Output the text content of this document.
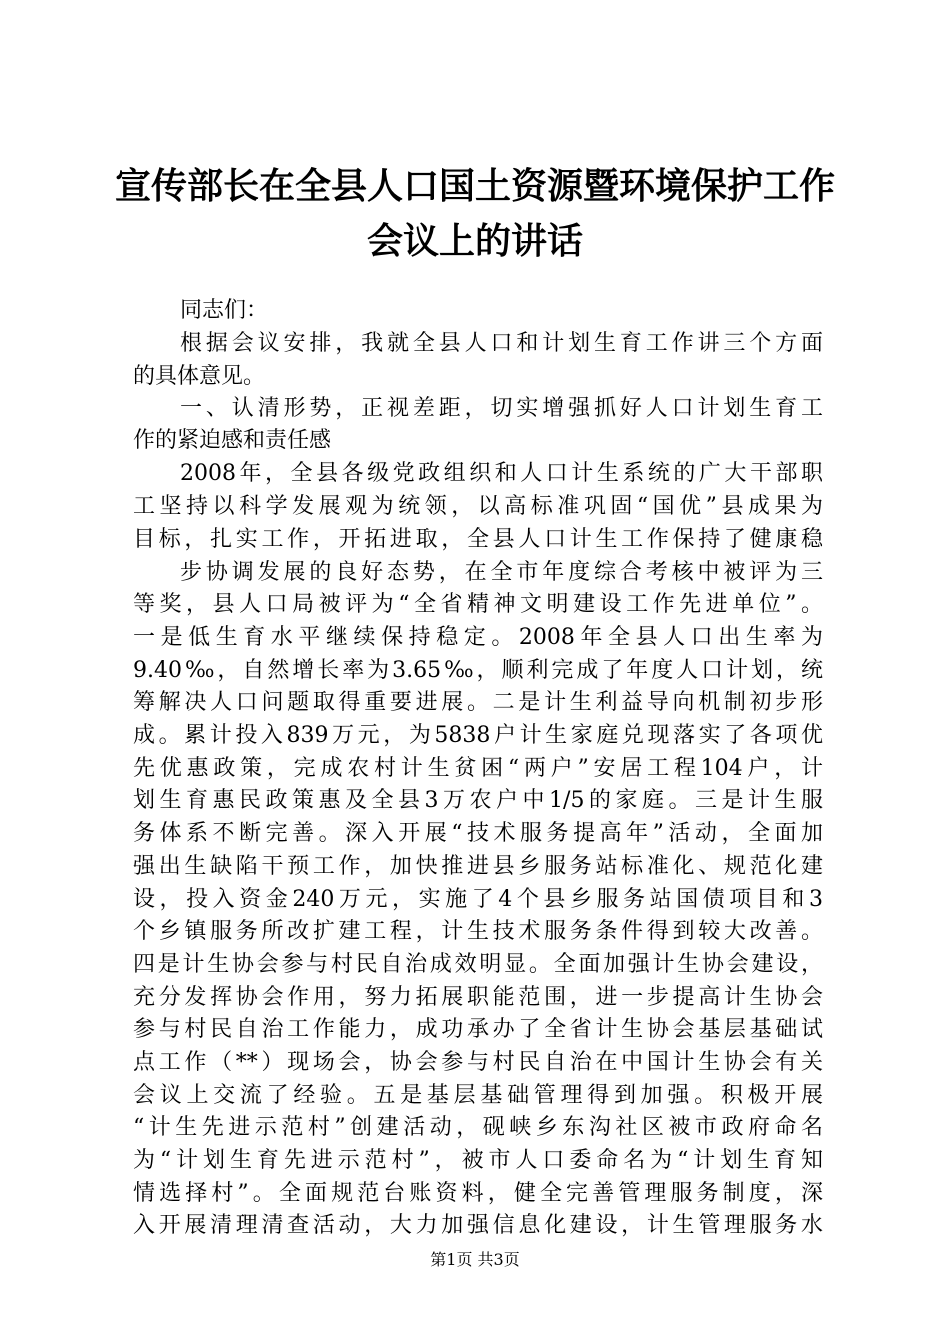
宣传部长在全县人口国土资源暨环境保护工作
会议上的讲话
同志们：
根据会议安排，我就全县人口和计划生育工作讲三个方面
的具体意见。
一、认清形势，正视差距，切实增强抓好人口计划生育工
作的紧迫感和责任感
2008年，全县各级党政组织和人口计生系统的广大干部职
工坚持以科学发展观为统领，以高标准巩固“国优”县成果为
目标，扎实工作，开拓进取，全县人口计生工作保持了健康稳
步协调发展的良好态势，在全市年度综合考核中被评为三
等奖，县人口局被评为“全省精神文明建设工作先进单位”。
一是低生育水平继续保持稳定。2008年全县人口出生率为
9.40‰，自然增长率为3.65‰，顺利完成了年度人口计划，统
筹解决人口问题取得重要进展。二是计生利益导向机制初步形
成。累计投入839万元，为5838户计生家庭兑现落实了各项优
先优惠政策，完成农村计生贫困“两户”安居工程104户，计
划生育惠民政策惠及全县3万农户中1/5的家庭。三是计生服
务体系不断完善。深入开展“技术服务提高年”活动，全面加
强出生缺陷干预工作，加快推进县乡服务站标准化、规范化建
设，投入资金240万元，实施了4个县乡服务站国债项目和3
个乡镇服务所改扩建工程，计生技术服务条件得到较大改善。
四是计生协会参与村民自治成效明显。全面加强计生协会建设，
充分发挥协会作用，努力拓展职能范围，进一步提高计生协会
参与村民自治工作能力，成功承办了全省计生协会基层基础试
点工作（**）现场会，协会参与村民自治在中国计生协会有关
会议上交流了经验。五是基层基础管理得到加强。积极开展
“计生先进示范村”创建活动，砚峡乡东沟社区被市政府命名
为“计划生育先进示范村”，被市人口委命名为“计划生育知
情选择村”。全面规范台账资料，健全完善管理服务制度，深
入开展清理清查活动，大力加强信息化建设，计生管理服务水
第1页 共3页
